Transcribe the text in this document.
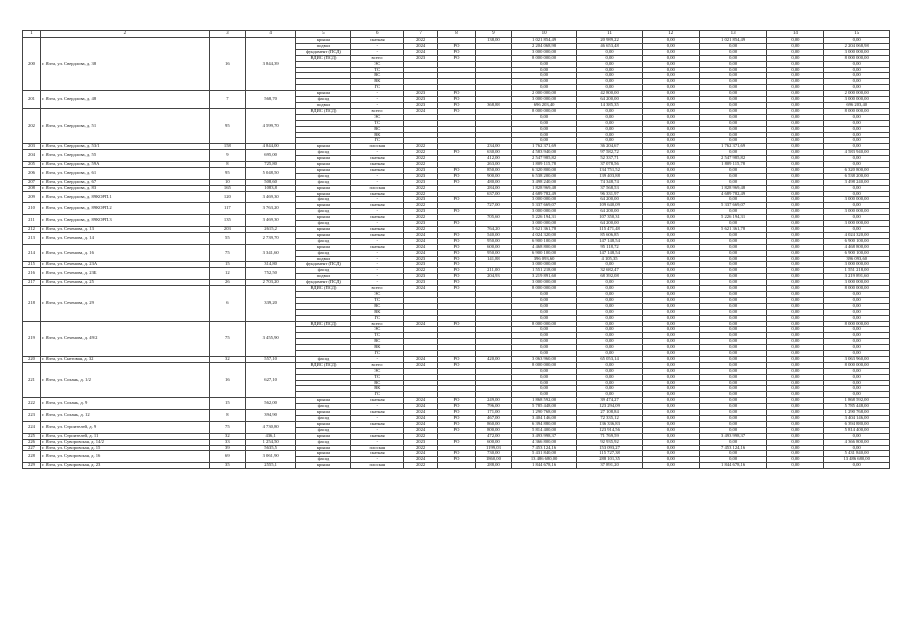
1	2	3	4	5	6	7	8	9	10	11	12	13	14	15
200	г. Ялта, ул. Свердлова, д. 38	16	3 844,39	крыша	скатная	2022		138,00	1 021 854,49	20 989,22	0,00	1 021 854,49	0,00	0,00
				подвал	-	2024	РО		2 204 068,98	46 653,48	0,00	0,00	0,00	2 204 068,98
				фундамент (ПСД)	-	2024	РО		3 000 000,00	0,00	0,00	0,00	0,00	3 000 000,00
				ВДИС (ПСД)	всего:	2023	РО		8 000 000,00	0,00	0,00	0,00	0,00	8 000 000,00
					ЭС				0,00	0,00	0,00	0,00	0,00	0,00
					ТС				0,00	0,00	0,00	0,00	0,00	0,00
					ВС				0,00	0,00	0,00	0,00	0,00	0,00
					ВК				0,00	0,00	0,00	0,00	0,00	0,00
					ГС				0,00	0,00	0,00	0,00	0,00	0,00
201	г. Ялта, ул. Свердлова, д. 48	7	568,70	крыша	-	2023	РО		2 000 000,00	42 800,00	0,00	0,00	0,00	2 000 000,00
				фасад	-	2023	РО		3 000 000,00	64 200,00	0,00	0,00	0,00	3 000 000,00
				подвал	-	2023	РО	368,88	696 203,40	14 385,35	0,00	0,00	0,00	696 203,40
202	г. Ялта, ул. Свердлова, д. 51	95	4 599,70	ВДИС (ПСД)	всего:	2024	РО		8 000 000,00	0,00	0,00	0,00	0,00	8 000 000,00
					ЭС				0,00	0,00	0,00	0,00	0,00	0,00
					ТС				0,00	0,00	0,00	0,00	0,00	0,00
					ВС				0,00	0,00	0,00	0,00	0,00	0,00
					ВК				0,00	0,00	0,00	0,00	0,00	0,00
					ГС				0,00	0,00	0,00	0,00	0,00	0,00
203	г. Ялта, ул. Свердлова, д. 53/1	158	4 844,00	крыша	плоская	2022		234,00	1 762 371,69	36 204,67	0,00	1 762 371,69	0,00	0,00
204	г. Ялта, ул. Свердлова, д. 55	9	695,00	фасад	-	2022	РО	630,00	4 583 940,00	97 582,72	0,00	0,00	0,00	4 583 940,00
				крыша	скатная	2022		412,00	2 547 985,82	52 337,71	0,00	2 547 985,82	0,00	0,00
205	г. Ялта, ул. Свердлова, д. 59А	8	725,80	крыша	скатная	2022		263,00	1 809 115,78	37 078,56	0,00	1 809 115,78	0,00	0,00
206	г. Ялта, ул. Свердлова, д. 61	95	5 048,50	крыша	скатная	2023	РО	850,00	6 320 800,00	134 751,52	0,00	0,00	0,00	6 320 800,00
				фасад	-	2023	РО	900,00	6 538 200,00	139 403,88	0,00	0,00	0,00	6 538 200,00
207	г. Ялта, ул. Свердлова, д. 67	10	508,60	фасад	-	2023	РО	480,00	3 498 240,00	74 348,74	0,00	0,00	0,00	3 498 240,00
208	г. Ялта, ул. Свердлова, д. 83	165	1083,8	крыша	плоская	2022		284,00	1 828 969,48	37 568,53	0,00	1 828 969,48	0,00	0,00
209	г. Ялта, ул. Свердлова, д. 89КОРП.1	120	3 469,30	крыша	скатная	2022		637,00	4 689 782,49	96 331,97	0,00	4 689 782,49	0,00	0,00
				фасад	-	2023	РО		3 000 000,00	64 200,00	0,00	0,00	0,00	3 000 000,00
210	г. Ялта, ул. Свердлова, д. 89КОРП.2	117	3 763,20	крыша	скатная	2022		727,00	5 337 669,07	109 640,09	0,00	5 337 669,07	0,00	0,00
				фасад	-	2023	РО		3 000 000,00	64 200,00	0,00	0,00	0,00	3 000 000,00
211	г. Ялта, ул. Свердлова, д. 89КОРП.3	135	3 469,30	крыша	скатная	2022		705,60	5 226 194,31	107 350,31	0,00	5 226 194,31	0,00	0,00
				фасад	-	2023	РО		3 000 000,00	64 200,00	0,00	0,00	0,00	3 000 000,00
212	г. Ялта, ул. Сеченова, д. 13	203	2615,2	крыша	скатная	2022		764,20	5 621 361,78	115 471,48	0,00	5 621 361,78	0,00	0,00
213	г. Ялта, ул. Сеченова, д. 14	55	2 739,70	крыша	скатная	2024	РО	540,00	4 024 320,00	85 606,85	0,00	0,00	0,00	4 024 320,00
				фасад	-	2024	РО	950,00	6 900 100,00	147 148,54	0,00	0,00	0,00	6 900 100,00
214	г. Ялта, ул. Сеченова, д. 16	75	3 341,60	крыша	скатная	2024	РО	600,00	4 468 800,00	95 118,72	0,00	0,00	0,00	4 468 800,00
				фасад	-	2024	РО	950,00	6 900 100,00	147 148,54	0,00	0,00	0,00	6 900 100,00
				подвал	-	2023	РО	141,88	396 093,60	4 105,35	0,00	0,00	0,00	396 093,60
215	г. Ялта, ул. Сеченова, д. 23А	15	314,80	фундамент (ПСД)	-	2023	РО		3 000 000,00	0,00	0,00	0,00	0,00	3 000 000,00
216	г. Ялта, ул. Сеченова, д. 23Б	12	752,50	фасад	-	2022	РО	211,00	1 551 218,00	32 682,47	0,00	0,00	0,00	1 551 218,00
				подвал	-	2023	РО	204,93	3 219 891,60	68 392,08	0,00	0,00	0,00	3 219 891,60
217	г. Ялта, ул. Сеченова, д. 25	26	2 703,20	фундамент (ПСД)	-	2023	РО		3 000 000,00	0,00	0,00	0,00	0,00	3 000 000,00
218	г. Ялта, ул. Сеченова, д. 29	6	339,20	ВДИС (ПСД)	всего:	2024	РО		8 000 000,00	0,00	0,00	0,00	0,00	8 000 000,00
					ЭС				0,00	0,00	0,00	0,00	0,00	0,00
					ТС				0,00	0,00	0,00	0,00	0,00	0,00
					ВС				0,00	0,00	0,00	0,00	0,00	0,00
					ВК				0,00	0,00	0,00	0,00	0,00	0,00
					ГС				0,00	0,00	0,00	0,00	0,00	0,00
219	г. Ялта, ул. Сеченова, д. 49/2	75	3 455,90	ВДИС (ПСД)	всего:	2024	РО		8 000 000,00	0,00	0,00	0,00	0,00	8 000 000,00
					ЭС				0,00	0,00	0,00	0,00	0,00	0,00
					ТС				0,00	0,00	0,00	0,00	0,00	0,00
					ВС				0,00	0,00	0,00	0,00	0,00	0,00
					ВК				0,00	0,00	0,00	0,00	0,00	0,00
					ГС				0,00	0,00	0,00	0,00	0,00	0,00
220	г. Ялта, ул. Снеговая, д. 32	32	557,10	фасад	-	2024	РО	420,00	3 063 960,00	65 053,14	0,00	0,00	0,00	3 063 960,00
221	г. Ялта, ул. Сохань, д. 1/2	16	627,10	ВДИС (ПСД)	всего:	2024	РО		8 000 000,00	0,00	0,00	0,00	0,00	8 000 000,00
					ЭС				0,00	0,00	0,00	0,00	0,00	0,00
					ТС				0,00	0,00	0,00	0,00	0,00	0,00
					ВС				0,00	0,00	0,00	0,00	0,00	0,00
					ВК				0,00	0,00	0,00	0,00	0,00	0,00
					ГС				0,00	0,00	0,00	0,00	0,00	0,00
222	г. Ялта, ул. Сохань, д. 9	15	562,00	крыша	скатная	2024	РО	249,00	1 868 592,00	39 474,27	0,00	0,00	0,00	1 868 592,00
				фасад	-	2024	РО	796,00	5 785 448,00	123 294,09	0,00	0,00	0,00	5 785 448,00
223	г. Ялта, ул. Сохань, д. 12	8	394,90	крыша	скатная	2024	РО	171,00	1 290 768,00	27 108,84	0,00	0,00	0,00	1 290 768,00
				фасад	-	2024	РО	467,00	3 404 146,00	72 335,12	0,00	0,00	0,00	3 404 146,00
224	г. Ялта, ул. Строителей, д. 9	75	4 730,80	крыша	скатная	2024	РО	860,00	6 394 880,00	136 336,83	0,00	0,00	0,00	6 394 880,00
				фасад	-	2024	РО	800,00	5 814 400,00	123 914,56	0,00	0,00	0,00	5 814 400,00
225	г. Ялта, ул. Строителей, д. 11	32	436,1	крыша	скатная	2022		472,00	3 493 998,37	71 769,59	0,00	3 493 998,37	0,00	0,00
226	г. Ялта, ул. Суворовская, д. 14/2	33	1 254,50	фасад	-	2023	РО	600,00	4 366 800,00	92 935,92	0,00	0,00	0,00	4 366 800,00
227	г. Ялта, ул. Суворовская, д. 15	39	5635,5	крыша	плоская	2022		1199,03	7 453 124,16	153 093,27	0,00	7 453 124,16	0,00	0,00
228	г. Ялта, ул. Суворовская, д. 16	69	3 061,90	крыша	скатная	2024	РО	730,00	5 431 840,00	115 727,38	0,00	0,00	0,00	5 431 840,00
				фасад	-	2024	РО	1860,00	13 486 680,00	288 101,35	0,00	0,00	0,00	13 486 680,00
229	г. Ялта, ул. Суворовская, д. 23	35	2555,1	крыша	плоская	2022		288,00	1 844 678,16	37 891,20	0,00	1 844 678,16	0,00	0,00
